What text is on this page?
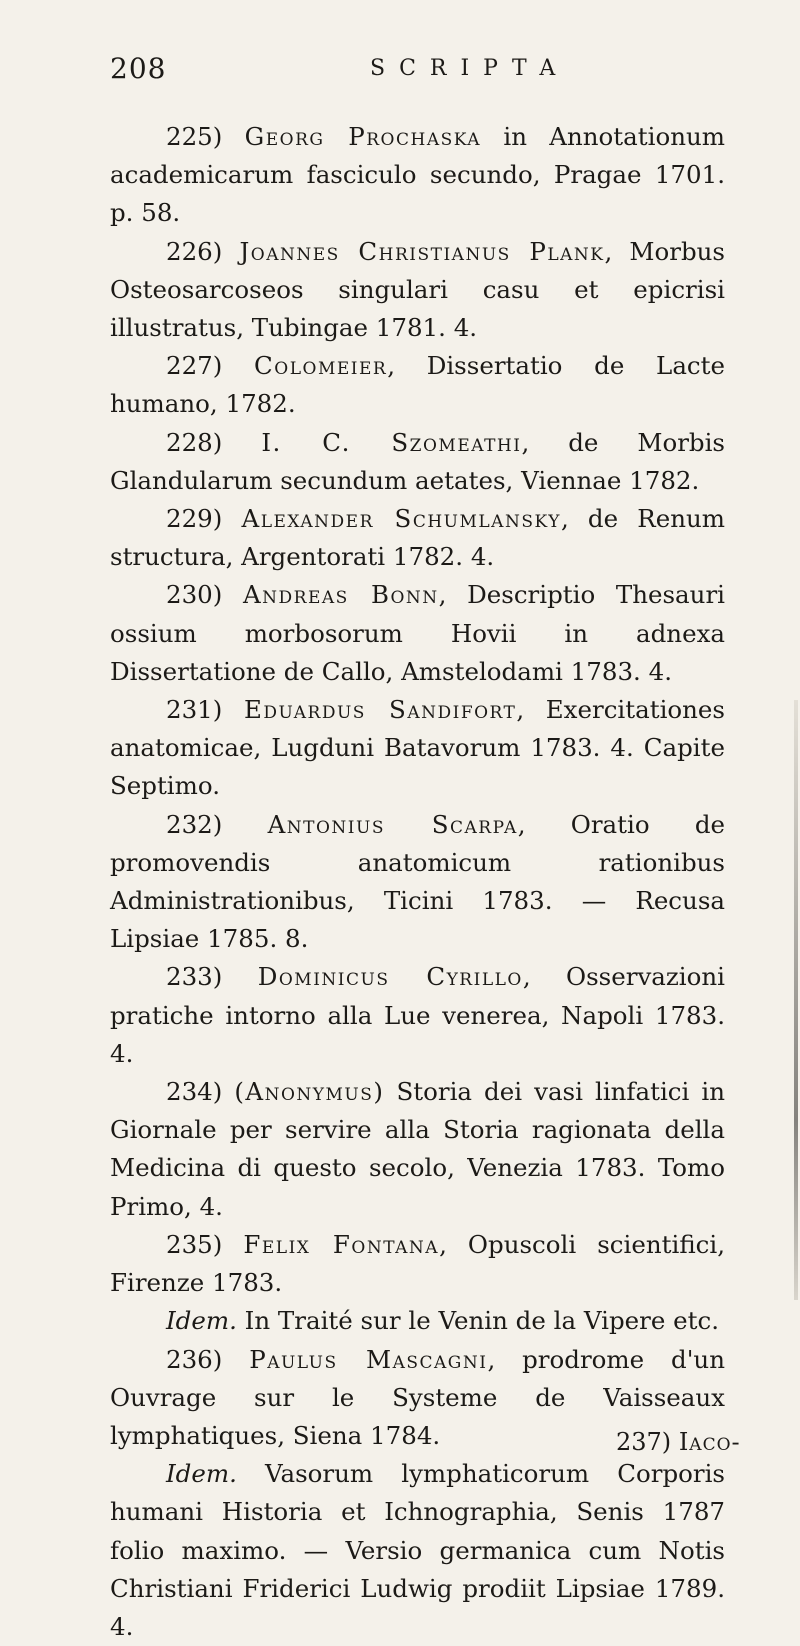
208	SCRIPTA

225) Georg Prochaska in Annotationum academicarum fasciculo secundo, Pragae 1701. p. 58.

226) Joannes Christianus Plank, Morbus Osteosarcoseos singulari casu et epicrisi illustratus, Tubingae 1781. 4.

227) Colomeier, Dissertatio de Lacte humano, 1782.

228) I. C. Szomeathi, de Morbis Glandularum secundum aetates, Viennae 1782.

229) Alexander Schumlansky, de Renum structura, Argentorati 1782. 4.

230) Andreas Bonn, Descriptio Thesauri ossium morbosorum Hovii in adnexa Dissertatione de Callo, Amstelodami 1783. 4.

231) Eduardus Sandifort, Exercitationes anatomicae, Lugduni Batavorum 1783. 4. Capite Septimo.

232) Antonius Scarpa, Oratio de promovendis anatomicum rationibus Administrationibus, Ticini 1783. — Recusa Lipsiae 1785. 8.

233) Dominicus Cyrillo, Osservazioni pratiche intorno alla Lue venerea, Napoli 1783. 4.

234) (Anonymus) Storia dei vasi linfatici in Giornale per servire alla Storia ragionata della Medicina di questo secolo, Venezia 1783. Tomo Primo, 4.

235) Felix Fontana, Opuscoli scientifici, Firenze 1783.

Idem. In Traité sur le Venin de la Vipere etc.

236) Paulus Mascagni, prodrome d'un Ouvrage sur le Systeme de Vaisseaux lymphatiques, Siena 1784.

Idem. Vasorum lymphaticorum Corporis humani Historia et Ichnographia, Senis 1787 folio maximo. — Versio germanica cum Notis Christiani Friderici Ludwig prodiit Lipsiae 1789. 4.

237) Iaco-
